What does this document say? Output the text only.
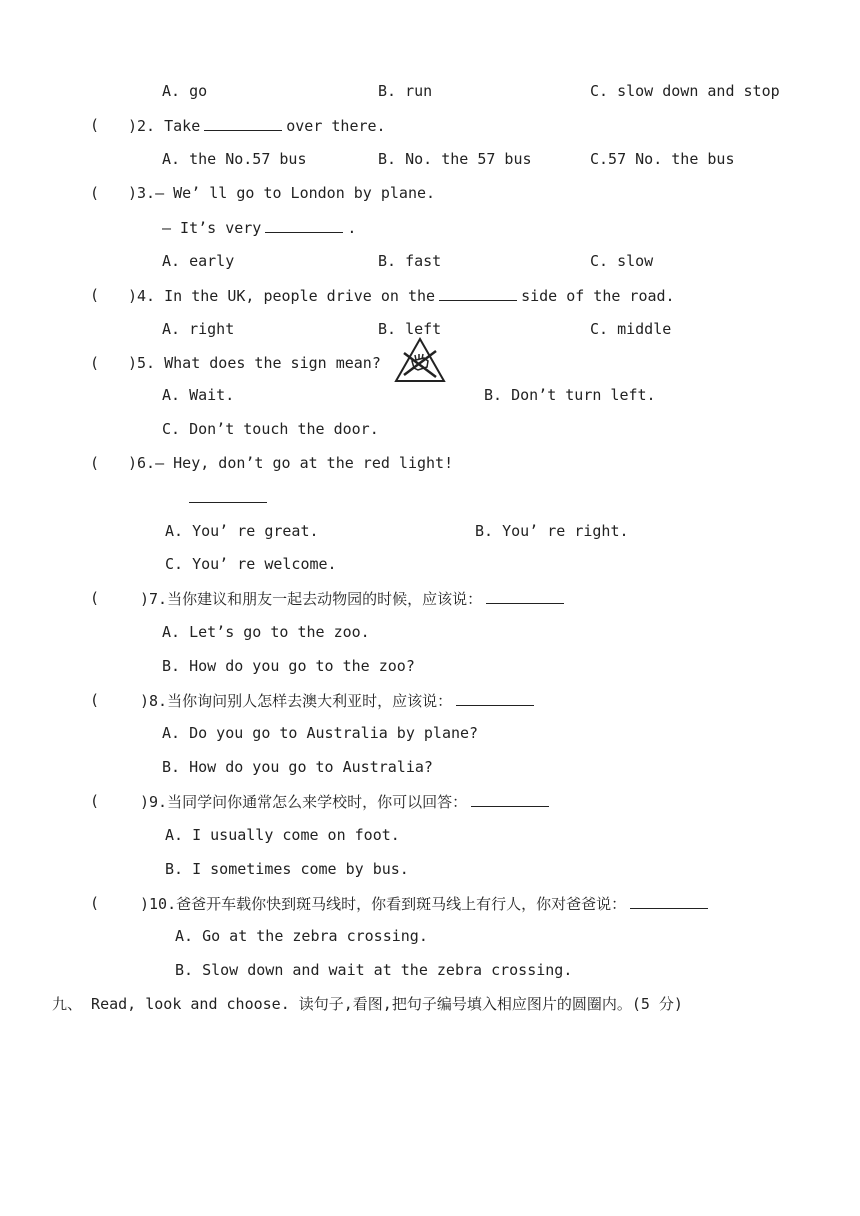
A. go	B. run	C. slow down and stop
( )2. Take	over there.
A. the No.57 bus	B. No. the 57 bus	C.57 No. the bus
( )3.— We’ ll go to London by plane.
— It’s very	.
A. early	B. fast	C. slow
( )4. In the UK, people drive on the	side of the road.
A. right	B. left	C. middle
( )5. What does the sign mean?
A. Wait.	B. Don’t turn left.
C. Don’t touch the door.
( )6.— Hey, don’t go at the red light!
A. You’ re great.	B. You’ re right.
C. You’ re welcome.
(	)7.当你建议和朋友一起去动物园的时候，应该说：
A. Let’s go to the zoo.
B. How do you go to the zoo?
(	)8.当你询问别人怎样去澳大利亚时，应该说：
A. Do you go to Australia by plane?
B. How do you go to Australia?
(	)9.当同学问你通常怎么来学校时，你可以回答：
A. I usually come on foot.
B. I sometimes come by bus.
(	)10.爸爸开车载你快到斑马线时，你看到斑马线上有行人，你对爸爸说：
A. Go at the zebra crossing.
B. Slow down and wait at the zebra crossing.
九、 Read, look and choose. 读句子,看图,把句子编号填入相应图片的圆圈内。(5 分)
